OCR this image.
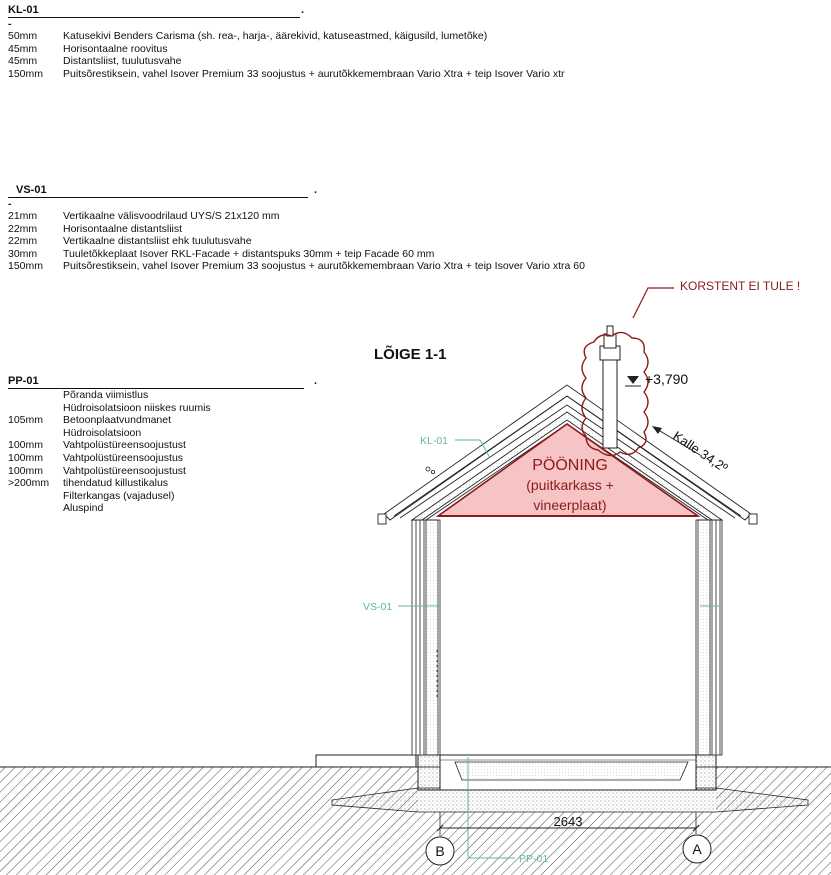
KL-01	.
-
50mm	Katusekivi Benders Carisma (sh. rea-, harja-, äärekivid, katuseastmed, käigusild, lumetõke)
45mm	Horisontaalne roovitus
45mm	Distantsliist, tuulutusvahe
150mm	Puitsõrestiksein, vahel Isover Premium 33 soojustus + aurutõkkemembraan Vario Xtra + teip Isover Vario xtr
VS-01	.
-
21mm	Vertikaalne välisvoodrilaud UYS/S 21x120 mm
22mm	Horisontaalne distantsliist
22mm	Vertikaalne distantsliist ehk tuulutusvahe
30mm	Tuuletõkkeplaat Isover RKL-Facade + distantspuks 30mm + teip Facade 60 mm
150mm	Puitsõrestiksein, vahel Isover Premium 33 soojustus + aurutõkkemembraan Vario Xtra + teip Isover Vario xtra 60
PP-01	.
Põranda viimistlus
Hüdroisolatsioon niiskes ruumis
105mm	Betoonplaatvundmanet
Hüdroisolatsioon
100mm	Vahtpolüstüreensoojustust
100mm	Vahtpolüstüreensoojustus
100mm	Vahtpolüstüreensoojustust
>200mm	tihendatud killustikalus
Filterkangas (vajadusel)
Aluspind
PÖÖNING
(puitkarkass +
vineerplaat)
KORSTENT EI TULE !
+3,790
Kalle 34,2º
LÕIGE 1-1
KL-01
VS-01
PP-01
2643
B	A
